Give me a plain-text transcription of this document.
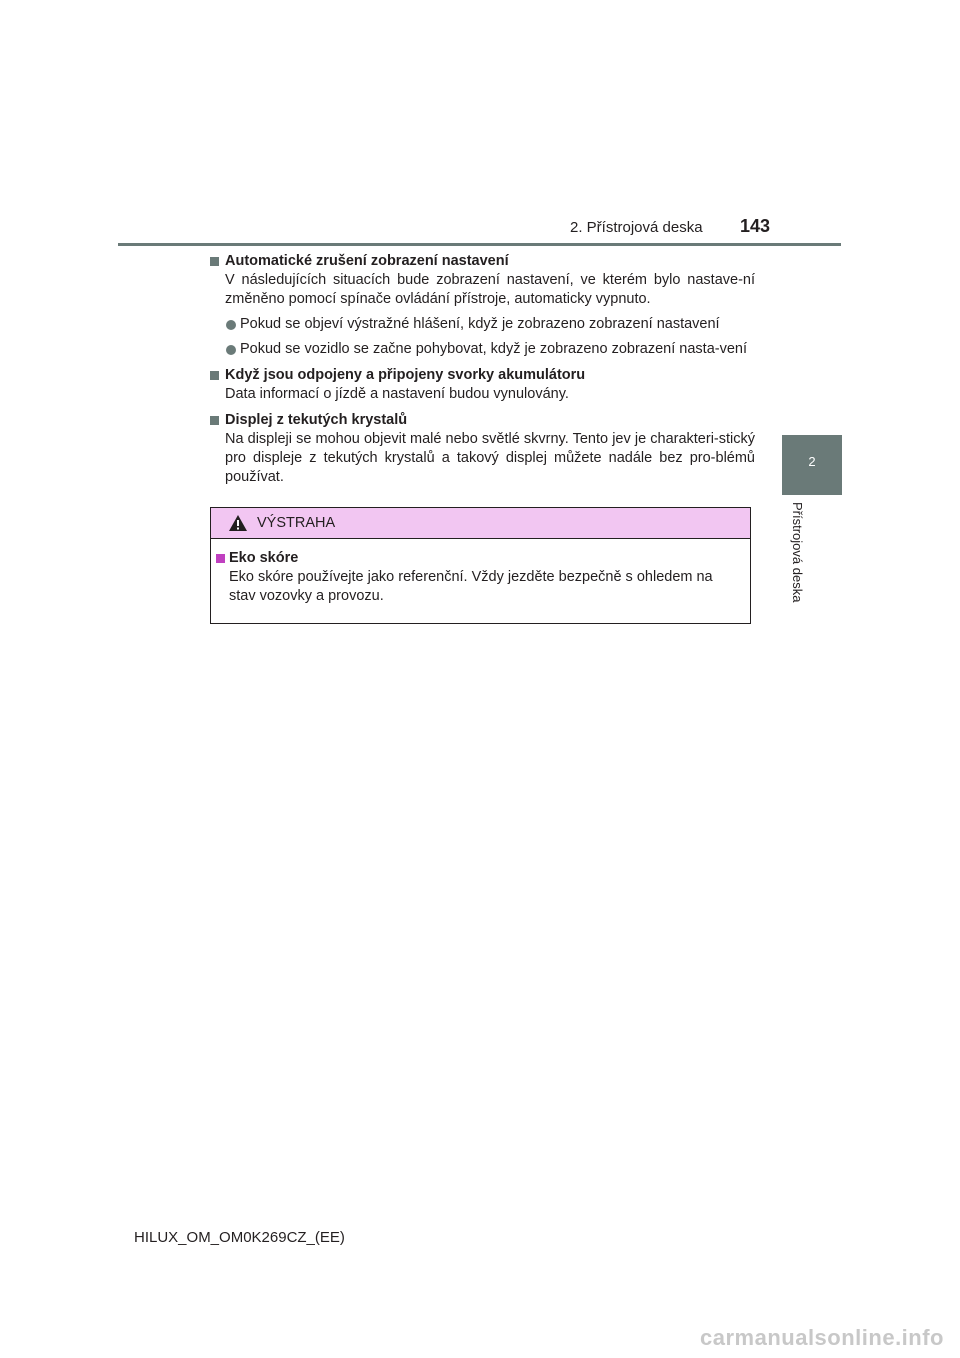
2. Přístrojová deska 143
2
Přístrojová deska
Automatické zrušení zobrazení nastavení
V následujících situacích bude zobrazení nastavení, ve kterém bylo nastave-ní změněno pomocí spínače ovládání přístroje, automaticky vypnuto.
Pokud se objeví výstražné hlášení, když je zobrazeno zobrazení nastavení
Pokud se vozidlo se začne pohybovat, když je zobrazeno zobrazení nasta-vení
Když jsou odpojeny a připojeny svorky akumulátoru
Data informací o jízdě a nastavení budou vynulovány.
Displej z tekutých krystalů
Na displeji se mohou objevit malé nebo světlé skvrny. Tento jev je charakteri-stický pro displeje z tekutých krystalů a takový displej můžete nadále bez pro-blémů používat.
VÝSTRAHA
Eko skóre
Eko skóre používejte jako referenční. Vždy jezděte bezpečně s ohledem na stav vozovky a provozu.
HILUX_OM_OM0K269CZ_(EE)
carmanualsonline.info
